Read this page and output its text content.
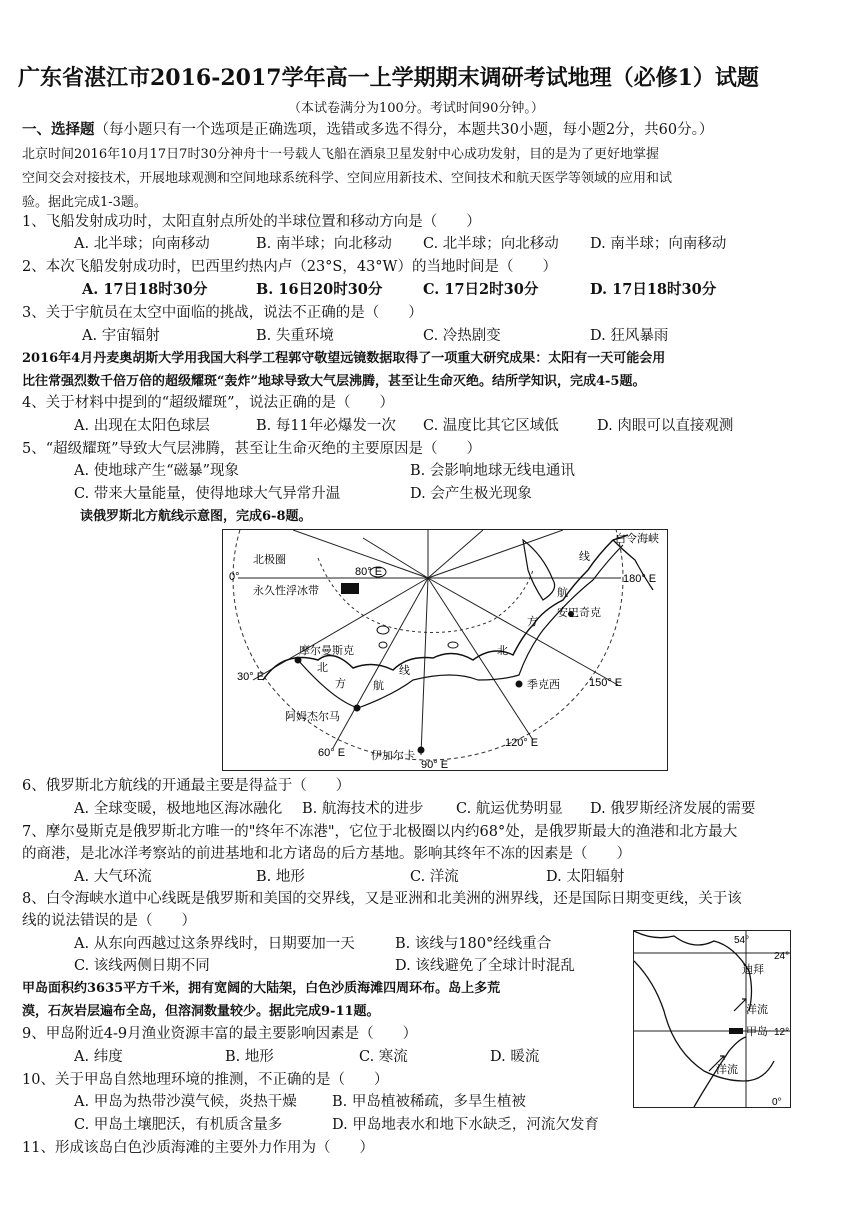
广东省湛江市2016-2017学年高一上学期期末调研考试地理（必修1）试题
（本试卷满分为100分。考试时间90分钟。）
一、选择题（每小题只有一个选项是正确选项，选错或多选不得分，本题共30小题，每小题2分，共60分。）
北京时间2016年10月17日7时30分神舟十一号载人飞船在酒泉卫星发射中心成功发射，目的是为了更好地掌握
空间交会对接技术，开展地球观测和空间地球系统科学、空间应用新技术、空间技术和航天医学等领域的应用和试
验。据此完成1-3题。
1、飞船发射成功时，太阳直射点所处的半球位置和移动方向是（　　）
A. 北半球；向南移动	B. 南半球；向北移动 C. 北半球；向北移动 D. 南半球；向南移动
2、本次飞船发射成功时，巴西里约热内卢（23°S，43°W）的当地时间是（　　）
A. 17日18时30分	B. 16日20时30分	C. 17日2时30分	D. 17日18时30分
3、关于宇航员在太空中面临的挑战，说法不正确的是（　　）
A. 宇宙辐射	B. 失重环境	C. 冷热剧变	D. 狂风暴雨
2016年4月丹麦奥胡斯大学用我国大科学工程郭守敬望远镜数据取得了一项重大研究成果：太阳有一天可能会用
比往常强烈数千倍万倍的超级耀斑“轰炸”地球导致大气层沸腾，甚至让生命灭绝。结所学知识，完成4-5题。
4、关于材料中提到的“超级耀斑”，说法正确的是（　　）
A. 出现在太阳色球层	B. 每11年必爆发一次 C. 温度比其它区域低	D. 肉眼可以直接观测
5、“超级耀斑”导致大气层沸腾，甚至让生命灭绝的主要原因是（　　）
A. 使地球产生“磁暴”现象	B. 会影响地球无线电通讯
C. 带来大量能量，使得地球大气异常升温	D. 会产生极光现象
读俄罗斯北方航线示意图，完成6-8题。
0°
30° E
60° E
80° E
90° E
120° E
150° E
180° E
北极圈
永久性浮冰带
摩尔曼斯克
阿姆杰尔马
伊加尔卡
季克西
安巴奇克
白令海峡
北
方 航
线
北
方
航
线
6、俄罗斯北方航线的开通最主要是得益于（　　）
A. 全球变暖，极地地区海冰融化 B. 航海技术的进步 C. 航运优势明显 D. 俄罗斯经济发展的需要
7、摩尔曼斯克是俄罗斯北方唯一的"终年不冻港"，它位于北极圈以内约68°处，是俄罗斯最大的渔港和北方最大
的商港，是北冰洋考察站的前进基地和北方诸岛的后方基地。影响其终年不冻的因素是（　　）
A. 大气环流	B. 地形	C. 洋流	D. 太阳辐射
8、白令海峡水道中心线既是俄罗斯和美国的交界线，又是亚洲和北美洲的洲界线，还是国际日期变更线，关于该
线的说法错误的是（　　）
A. 从东向西越过这条界线时，日期要加一天	B. 该线与180°经线重合
C. 该线两侧日期不同	D. 该线避免了全球计时混乱
甲岛面积约3635平方千米，拥有宽阔的大陆架，白色沙质海滩四周环布。岛上多荒
漠，石灰岩层遍布全岛，但溶洞数量较少。据此完成9-11题。
9、甲岛附近4-9月渔业资源丰富的最主要影响因素是（　　）
A. 纬度	B. 地形	C. 寒流	D. 暖流
10、关于甲岛自然地理环境的推测，不正确的是（　　）
A. 甲岛为热带沙漠气候，炎热干燥 B. 甲岛植被稀疏，多旱生植被
C. 甲岛土壤肥沃，有机质含量多	D. 甲岛地表水和地下水缺乏，河流欠发育
11、形成该岛白色沙质海滩的主要外力作用为（　　）
54°
24°
12°
0°
迪拜
洋流
甲岛
洋流
